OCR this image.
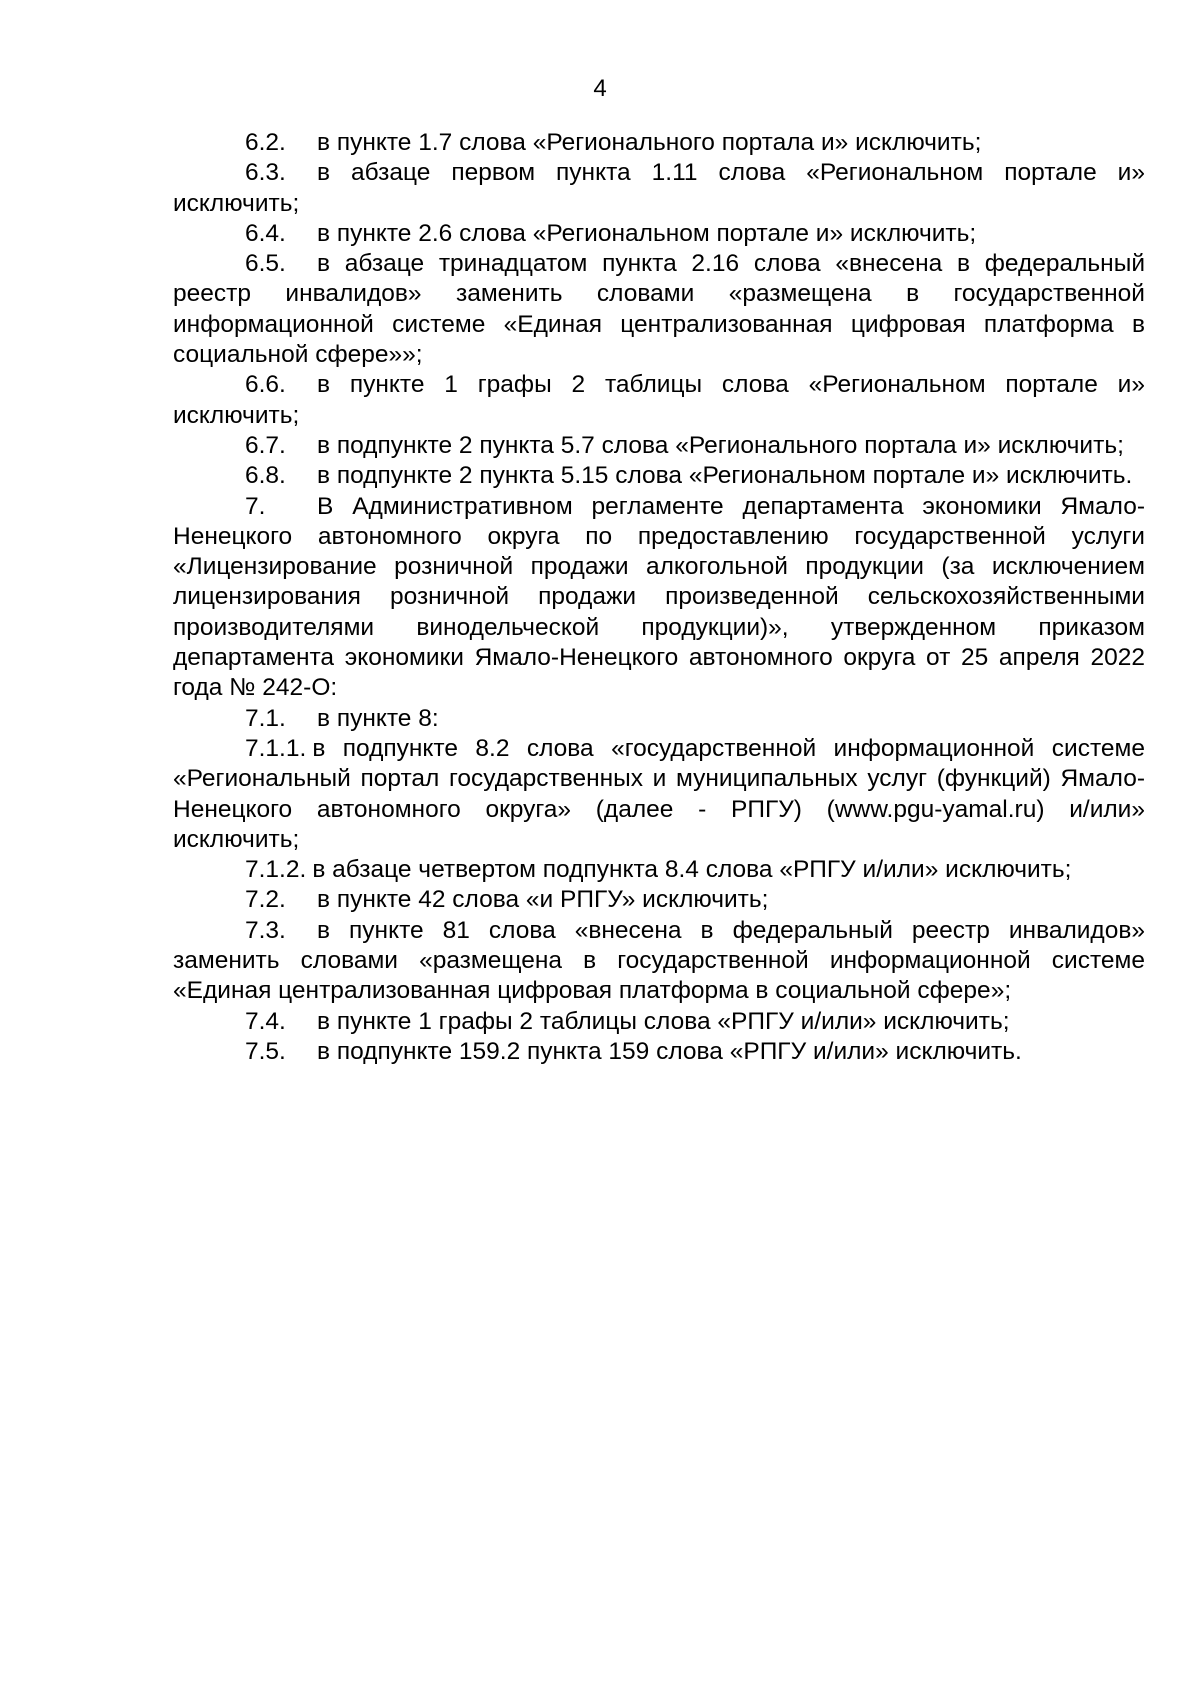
4

6.2. в пункте 1.7 слова «Регионального портала и» исключить;

6.3. в абзаце первом пункта 1.11 слова «Региональном портале и» исключить;

6.4. в пункте 2.6 слова «Региональном портале и» исключить;

6.5. в абзаце тринадцатом пункта 2.16 слова «внесена в федеральный реестр инвалидов» заменить словами «размещена в государственной информационной системе «Единая централизованная цифровая платформа в социальной сфере»»;

6.6. в пункте 1 графы 2 таблицы слова «Региональном портале и» исключить;

6.7. в подпункте 2 пункта 5.7 слова «Регионального портала и» исключить;

6.8. в подпункте 2 пункта 5.15 слова «Региональном портале и» исключить.

7. В Административном регламенте департамента экономики Ямало-Ненецкого автономного округа по предоставлению государственной услуги «Лицензирование розничной продажи алкогольной продукции (за исключением лицензирования розничной продажи произведенной сельскохозяйственными производителями винодельческой продукции)», утвержденном приказом департамента экономики Ямало-Ненецкого автономного округа от 25 апреля 2022 года № 242-О:

7.1. в пункте 8:

7.1.1. в подпункте 8.2 слова «государственной информационной системе «Региональный портал государственных и муниципальных услуг (функций) Ямало-Ненецкого автономного округа» (далее - РПГУ) (www.pgu-yamal.ru) и/или» исключить;

7.1.2. в абзаце четвертом подпункта 8.4 слова «РПГУ и/или» исключить;

7.2. в пункте 42 слова «и РПГУ» исключить;

7.3. в пункте 81 слова «внесена в федеральный реестр инвалидов» заменить словами «размещена в государственной информационной системе «Единая централизованная цифровая платформа в социальной сфере»;

7.4. в пункте 1 графы 2 таблицы слова «РПГУ и/или» исключить;

7.5. в подпункте 159.2 пункта 159 слова «РПГУ и/или» исключить.
